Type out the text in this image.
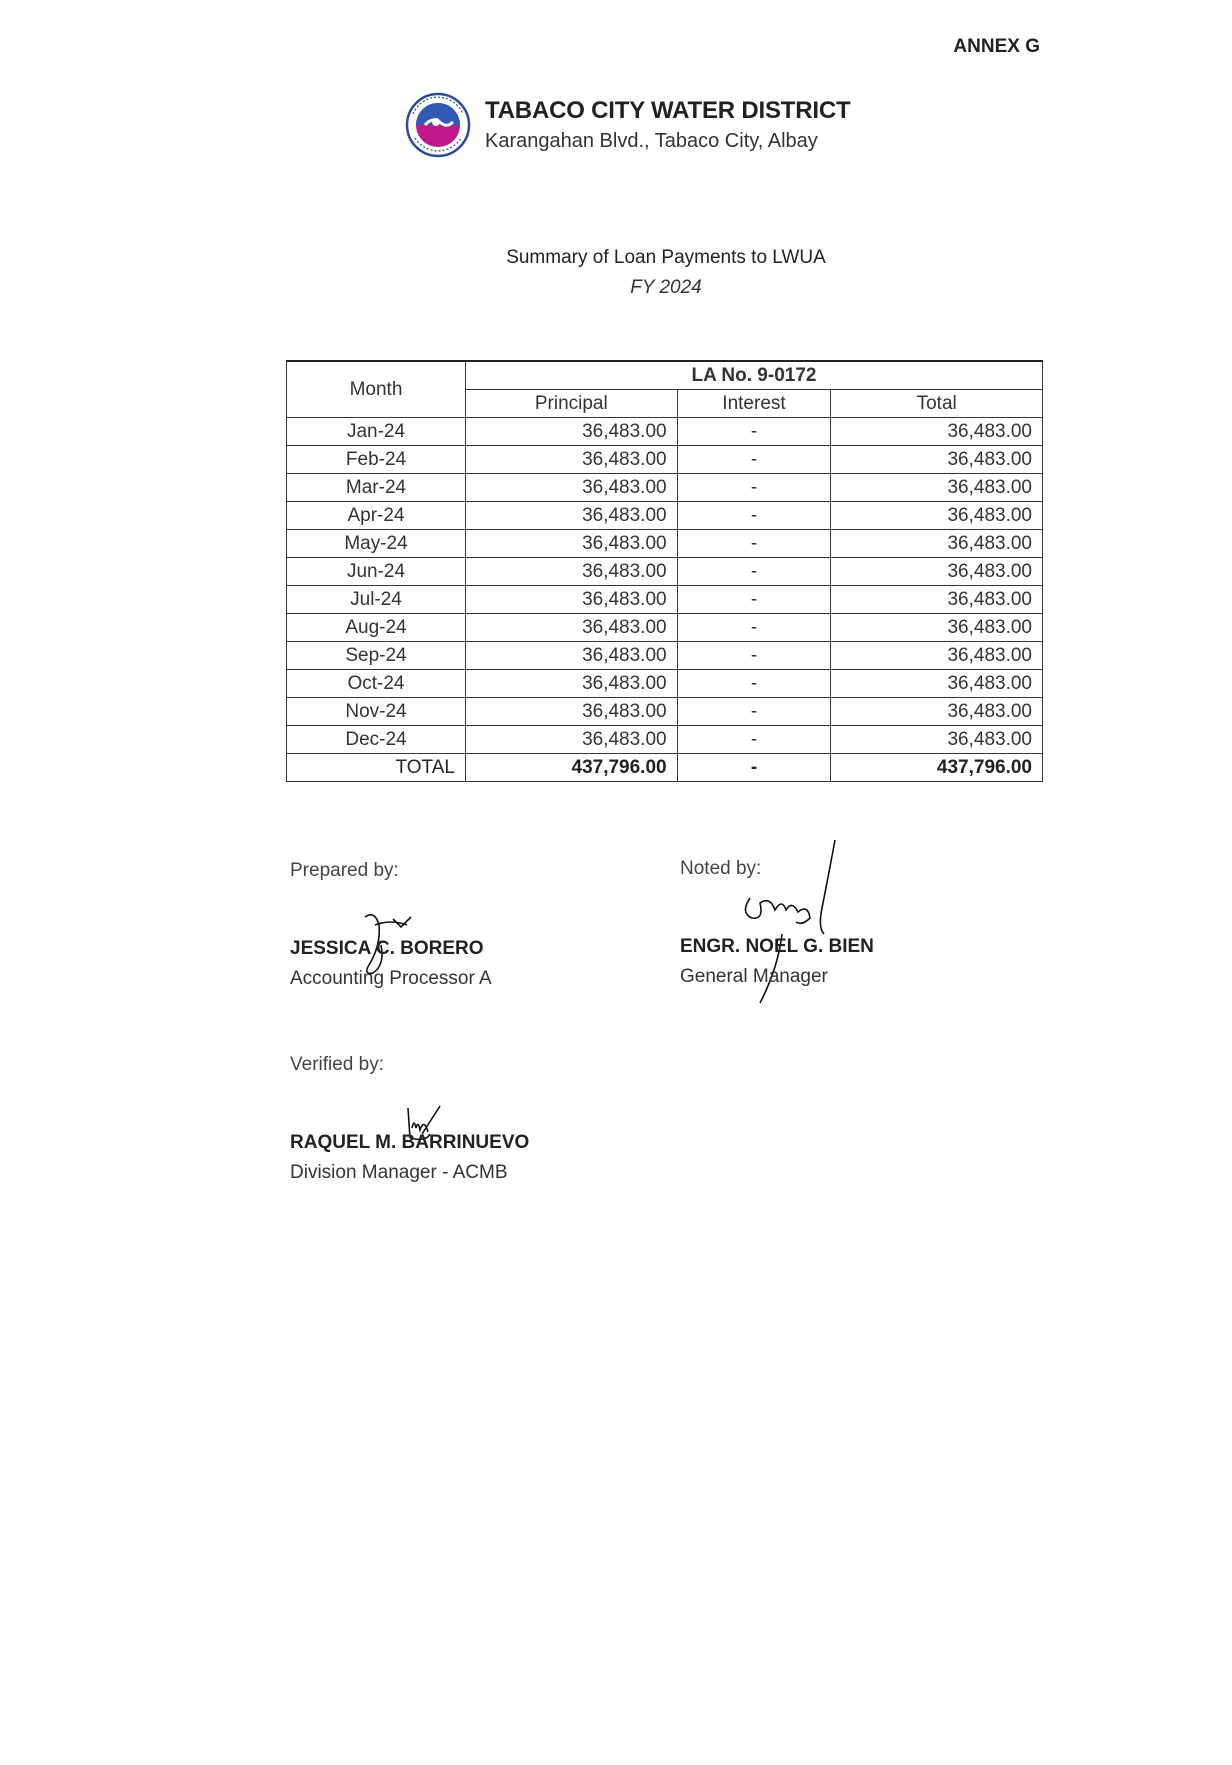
ANNEX G
TABACO CITY WATER DISTRICT
Karangahan Blvd., Tabaco City, Albay
Summary of Loan Payments to LWUA
FY 2024
Month	LA No. 9-0172		
	Principal	Interest	Total
Jan-24	36,483.00	-	36,483.00
Feb-24	36,483.00	-	36,483.00
Mar-24	36,483.00	-	36,483.00
Apr-24	36,483.00	-	36,483.00
May-24	36,483.00	-	36,483.00
Jun-24	36,483.00	-	36,483.00
Jul-24	36,483.00	-	36,483.00
Aug-24	36,483.00	-	36,483.00
Sep-24	36,483.00	-	36,483.00
Oct-24	36,483.00	-	36,483.00
Nov-24	36,483.00	-	36,483.00
Dec-24	36,483.00	-	36,483.00
TOTAL	437,796.00	-	437,796.00
Prepared by:
JESSICA C. BORERO
Accounting Processor A
Noted by:
ENGR. NOEL G. BIEN
General Manager
Verified by:
RAQUEL M. BARRINUEVO
Division Manager - ACMB
